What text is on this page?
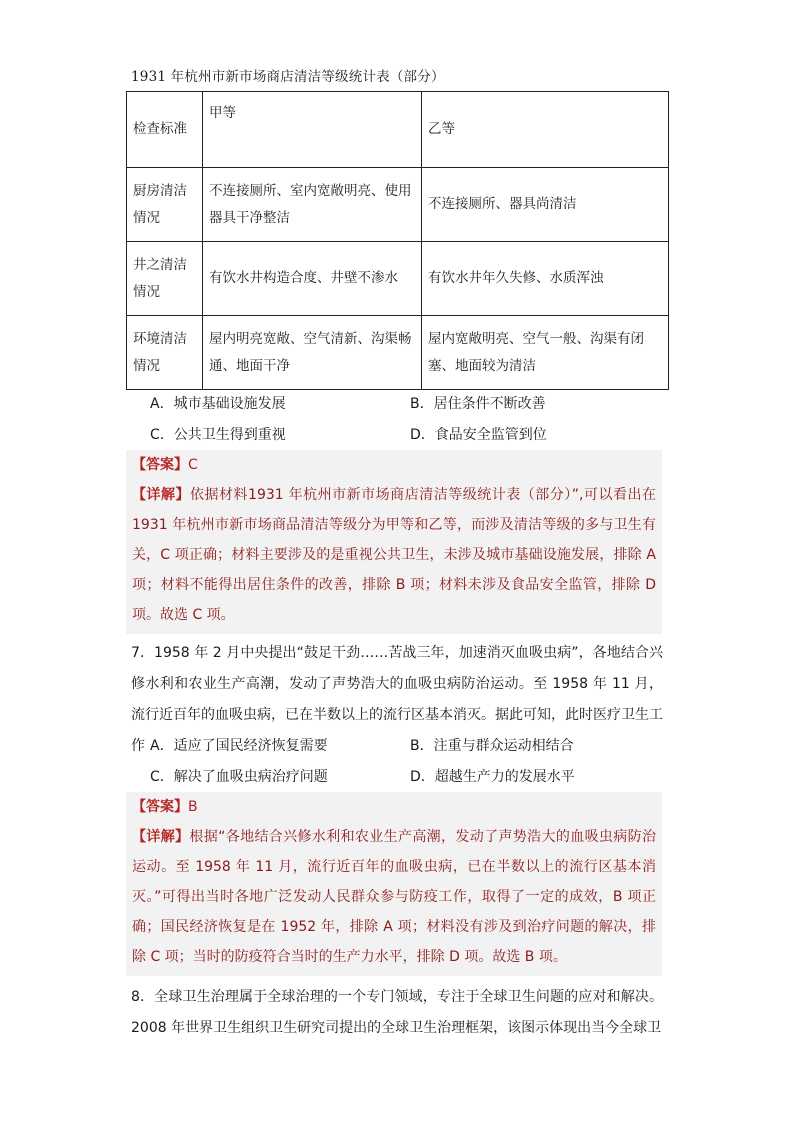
1931 年杭州市新市场商店清洁等级统计表（部分）
检查标准	甲等	乙等
厨房清洁情况	不连接厕所、室内宽敞明亮、使用器具干净整洁	不连接厕所、器具尚清洁
井之清洁情况	有饮水井构造合度、井壁不渗水	有饮水井年久失修、水质浑浊
环境清洁情况	屋内明亮宽敞、空气清新、沟渠畅通、地面干净	屋内宽敞明亮、空气一般、沟渠有闭塞、地面较为清洁
A．城市基础设施发展	B．居住条件不断改善
C．公共卫生得到重视	D．食品安全监管到位
【答案】C
【详解】依据材料1931 年杭州市新市场商店清洁等级统计表（部分）”,可以看出在 1931 年杭州市新市场商品清洁等级分为甲等和乙等，而涉及清洁等级的多与卫生有关，C 项正确；材料主要涉及的是重视公共卫生，未涉及城市基础设施发展，排除 A 项；材料不能得出居住条件的改善，排除 B 项；材料未涉及食品安全监管，排除 D 项。故选 C 项。
7．1958 年 2 月中央提出“鼓足干劲……苦战三年，加速消灭血吸虫病”，各地结合兴修水利和农业生产高潮，发动了声势浩大的血吸虫病防治运动。至 1958 年 11 月，流行近百年的血吸虫病，已在半数以上的流行区基本消灭。据此可知，此时医疗卫生工作 A．适应了国民经济恢复需要	B．注重与群众运动相结合
C．解决了血吸虫病治疗问题	D．超越生产力的发展水平
【答案】B
【详解】根据“各地结合兴修水利和农业生产高潮，发动了声势浩大的血吸虫病防治运动。至 1958 年 11 月，流行近百年的血吸虫病，已在半数以上的流行区基本消灭。”可得出当时各地广泛发动人民群众参与防疫工作，取得了一定的成效，B 项正确；国民经济恢复是在 1952 年，排除 A 项；材料没有涉及到治疗问题的解决，排除 C 项；当时的防疫符合当时的生产力水平，排除 D 项。故选 B 项。
8．全球卫生治理属于全球治理的一个专门领域，专注于全球卫生问题的应对和解决。2008 年世界卫生组织卫生研究司提出的全球卫生治理框架，该图示体现出当今全球卫
